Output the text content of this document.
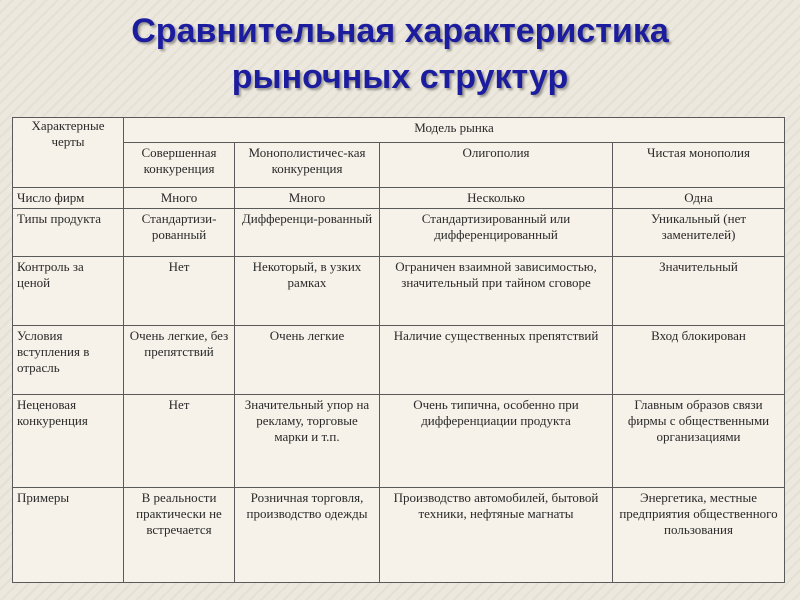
Сравнительная характеристика
рыночных структур
Характерные черты	Модель рынка			
	Совершенная конкуренция	Монополистичес-кая конкуренция	Олигополия	Чистая монополия
Число фирм	Много	Много	Несколько	Одна
Типы продукта	Стандартизи-рованный	Дифференци-рованный	Стандартизированный или дифференцированный	Уникальный (нет заменителей)
Контроль за ценой	Нет	Некоторый, в узких рамках	Ограничен взаимной зависимостью, значительный при тайном сговоре	Значительный
Условия вступления в отрасль	Очень легкие, без препятствий	Очень легкие	Наличие существенных препятствий	Вход блокирован
Неценовая конкуренция	Нет	Значительный упор на рекламу, торговые марки и т.п.	Очень типична, особенно при дифференциации продукта	Главным образов связи фирмы с общественными организациями
Примеры	В реальности практически не встречается	Розничная торговля, производство одежды	Производство автомобилей, бытовой техники, нефтяные магнаты	Энергетика, местные предприятия общественного пользования
